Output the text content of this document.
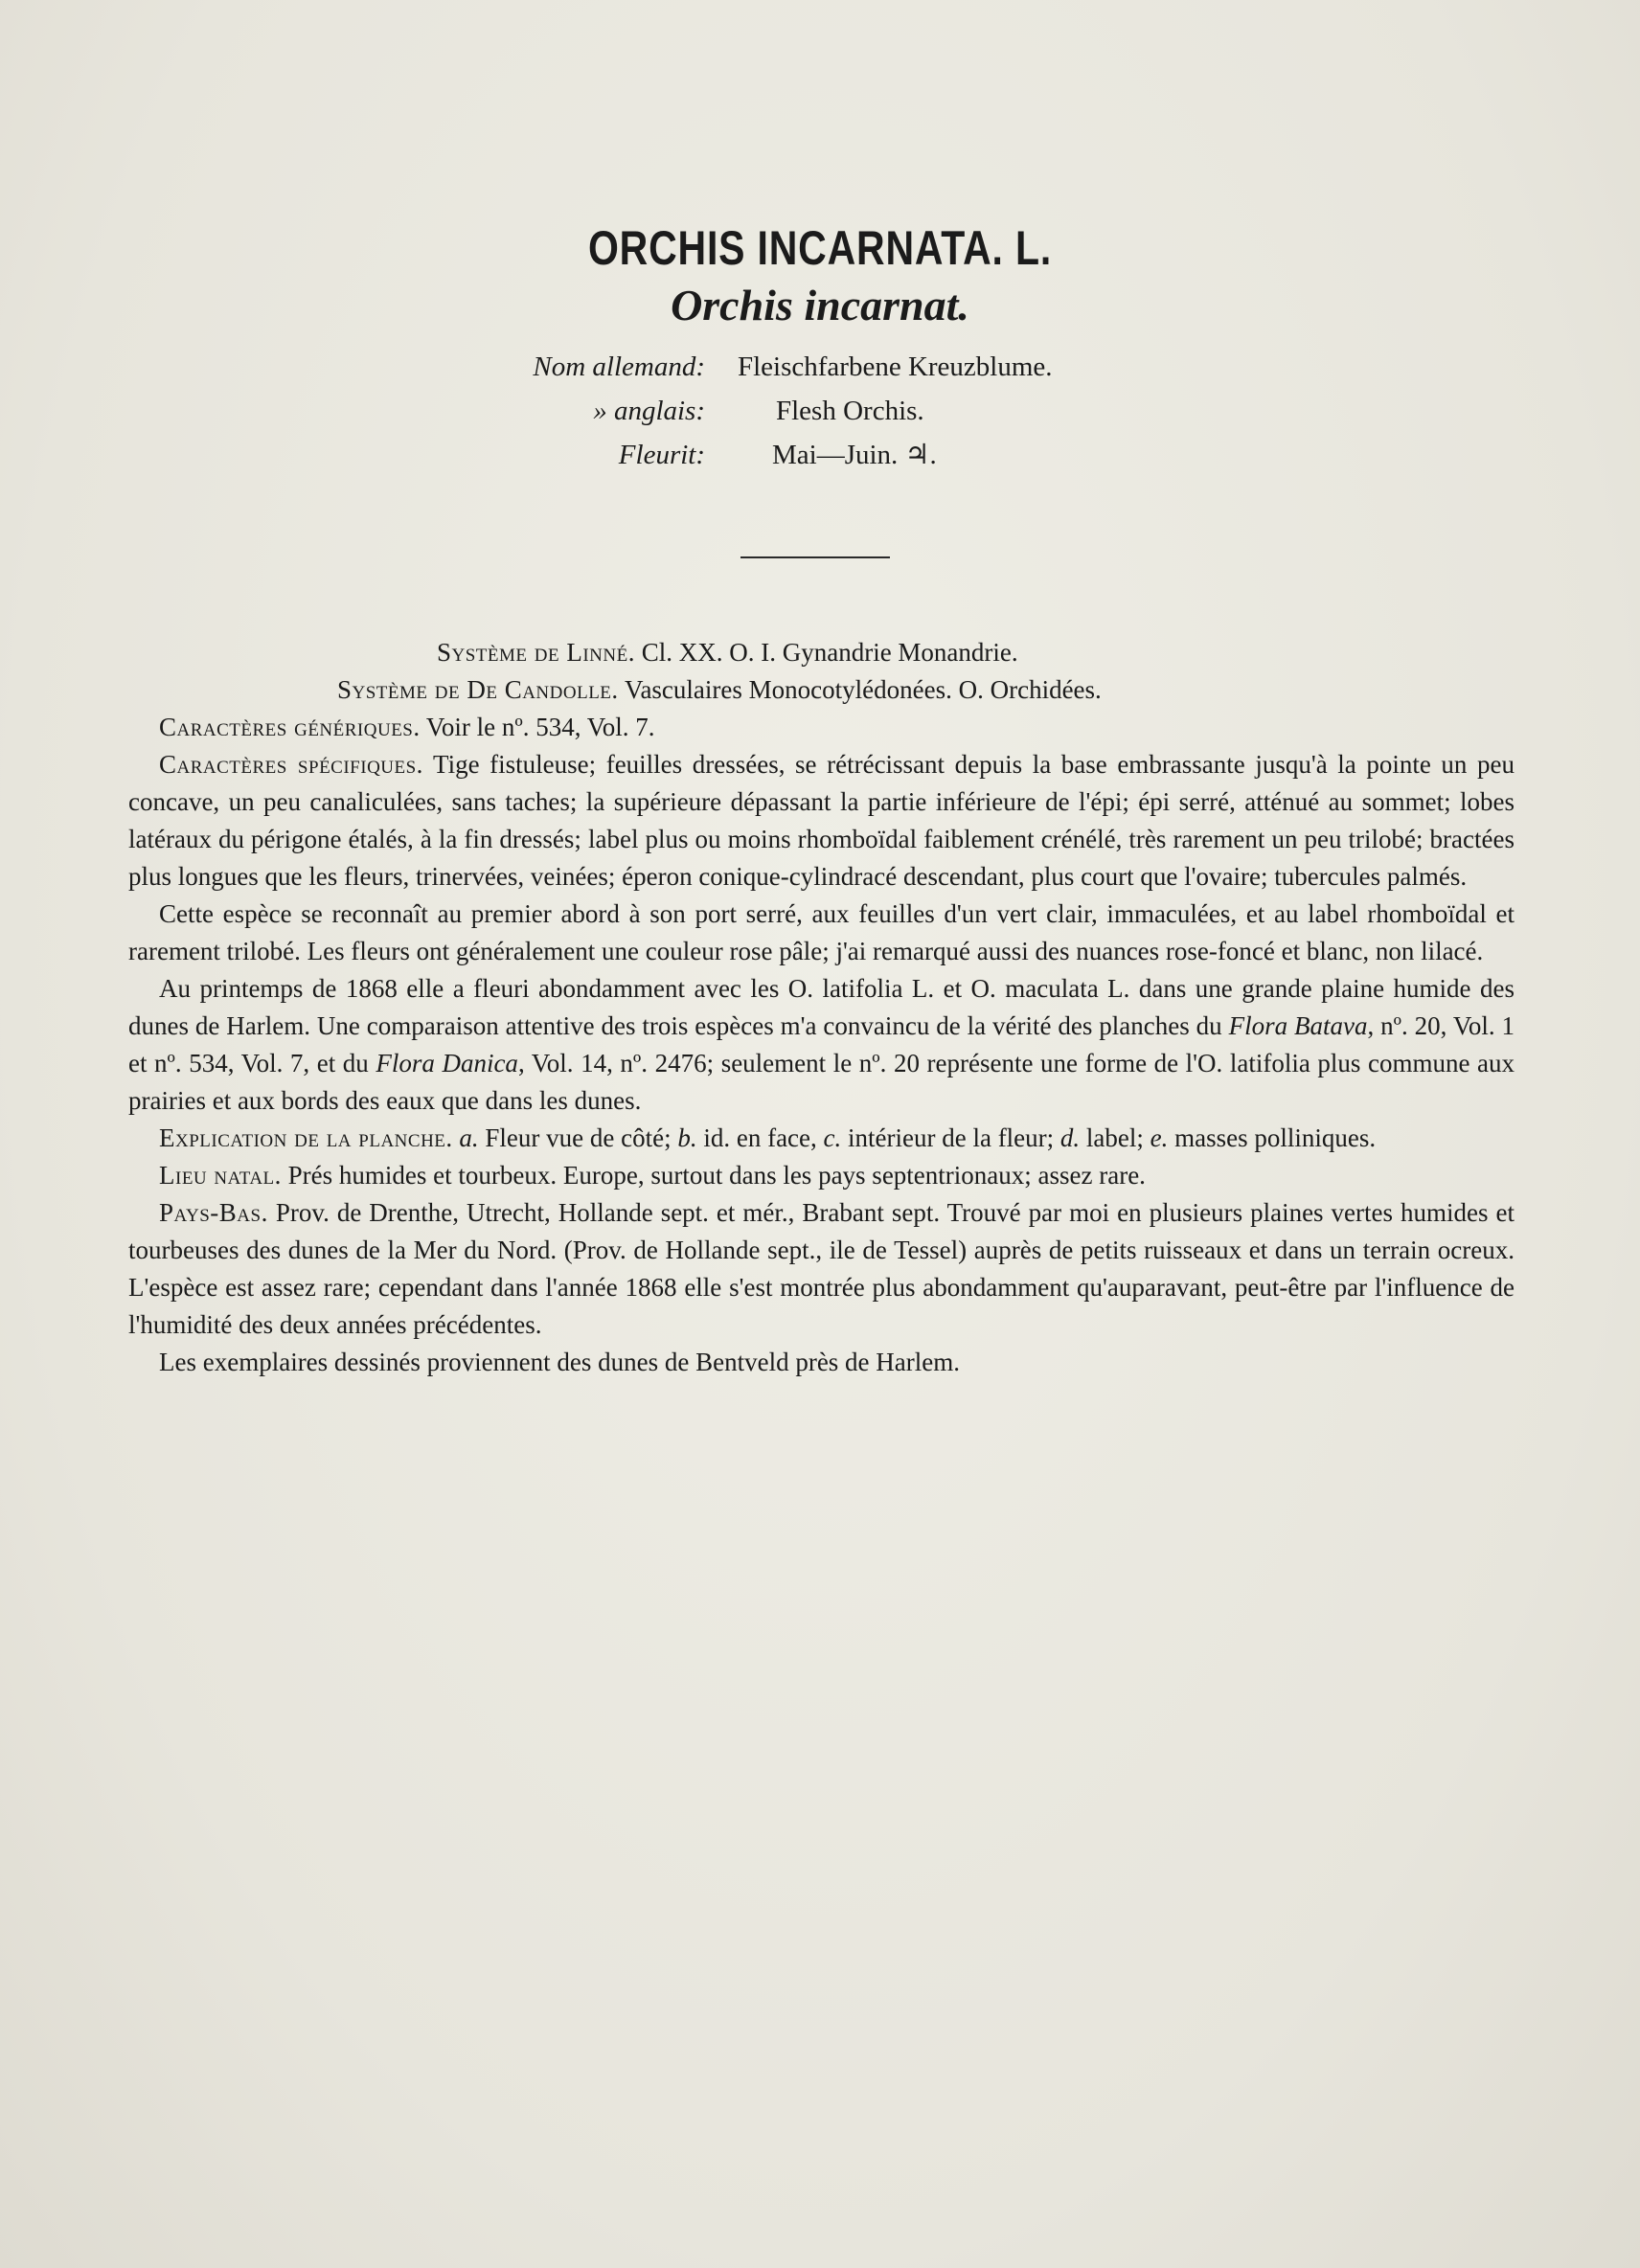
ORCHIS INCARNATA. L.
Orchis incarnat.
Nom allemand: Fleischfarbene Kreuzblume.
» anglais:	Flesh Orchis.
Fleurit: Mai—Juin. ♃.
Système de Linné. Cl. XX. O. I. Gynandrie Monandrie.
Système de De Candolle. Vasculaires Monocotylédonées. O. Orchidées.

Caractères génériques. Voir le nº. 534, Vol. 7.

Caractères spécifiques. Tige fistuleuse; feuilles dressées, se rétrécissant depuis la base embrassante jusqu'à la pointe un peu concave, un peu canaliculées, sans taches; la supérieure dépassant la partie inférieure de l'épi; épi serré, atténué au sommet; lobes latéraux du périgone étalés, à la fin dressés; label plus ou moins rhomboïdal faiblement crénélé, très rarement un peu trilobé; bractées plus longues que les fleurs, trinervées, veinées; éperon conique-cylindracé descendant, plus court que l'ovaire; tubercules palmés.

Cette espèce se reconnaît au premier abord à son port serré, aux feuilles d'un vert clair, immaculées, et au label rhomboïdal et rarement trilobé. Les fleurs ont généralement une couleur rose pâle; j'ai remarqué aussi des nuances rose-foncé et blanc, non lilacé.

Au printemps de 1868 elle a fleuri abondamment avec les O. latifolia L. et O. maculata L. dans une grande plaine humide des dunes de Harlem. Une comparaison attentive des trois espèces m'a convaincu de la vérité des planches du Flora Batava, nº. 20, Vol. 1 et nº. 534, Vol. 7, et du Flora Danica, Vol. 14, nº. 2476; seulement le nº. 20 représente une forme de l'O. latifolia plus commune aux prairies et aux bords des eaux que dans les dunes.

Explication de la planche. a. Fleur vue de côté; b. id. en face, c. intérieur de la fleur; d. label; e. masses polliniques.

Lieu natal. Prés humides et tourbeux. Europe, surtout dans les pays septentrionaux; assez rare.

Pays-Bas. Prov. de Drenthe, Utrecht, Hollande sept. et mér., Brabant sept. Trouvé par moi en plusieurs plaines vertes humides et tourbeuses des dunes de la Mer du Nord. (Prov. de Hollande sept., ile de Tessel) auprès de petits ruisseaux et dans un terrain ocreux. L'espèce est assez rare; cependant dans l'année 1868 elle s'est montrée plus abondamment qu'auparavant, peut-être par l'influence de l'humidité des deux années précédentes.

Les exemplaires dessinés proviennent des dunes de Bentveld près de Harlem.
